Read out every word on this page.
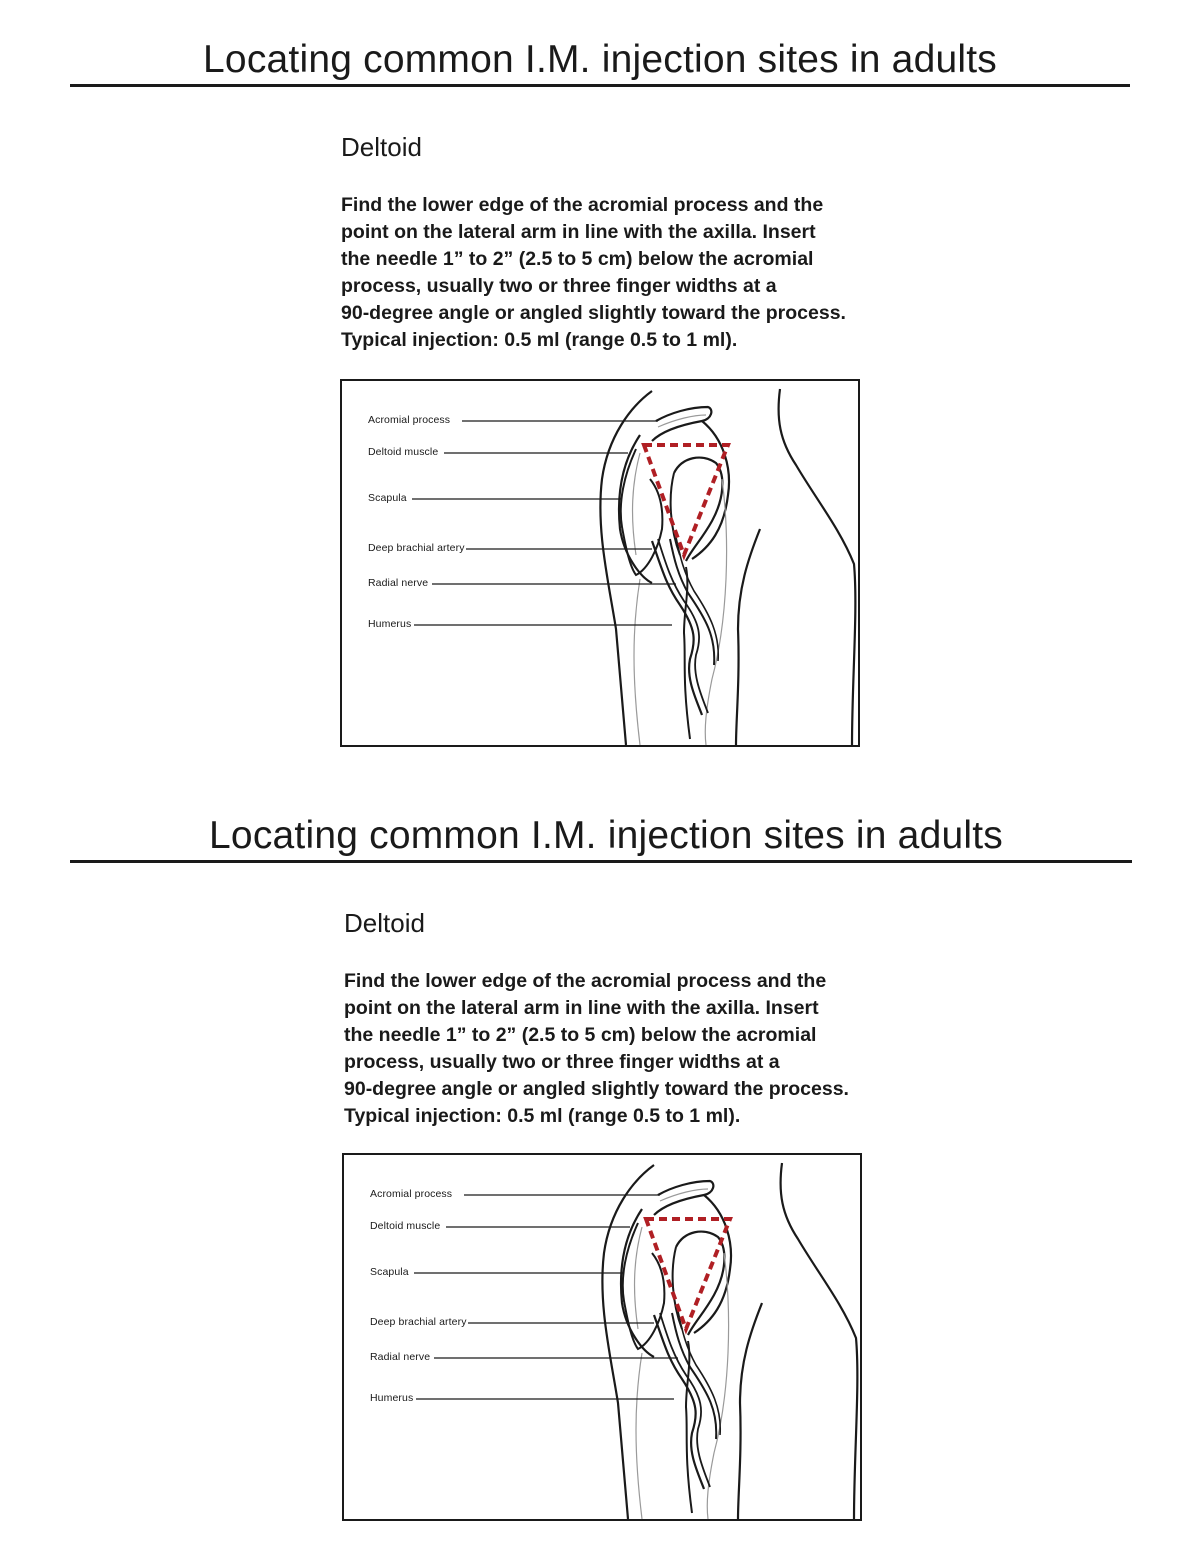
Locating common I.M. injection sites in adults
Deltoid

Find the lower edge of the acromial process and the
point on the lateral arm in line with the axilla. Insert
the needle 1” to 2” (2.5 to 5 cm) below the acromial
process, usually two or three finger widths at a
90-degree angle or angled slightly toward the process.
Typical injection: 0.5 ml (range 0.5 to 1 ml).

Acromial process
Deltoid muscle
Scapula
Deep brachial artery
Radial nerve
Humerus
Locating common I.M. injection sites in adults
Deltoid

Find the lower edge of the acromial process and the
point on the lateral arm in line with the axilla. Insert
the needle 1” to 2” (2.5 to 5 cm) below the acromial
process, usually two or three finger widths at a
90-degree angle or angled slightly toward the process.
Typical injection: 0.5 ml (range 0.5 to 1 ml).

Acromial process
Deltoid muscle
Scapula
Deep brachial artery
Radial nerve
Humerus
